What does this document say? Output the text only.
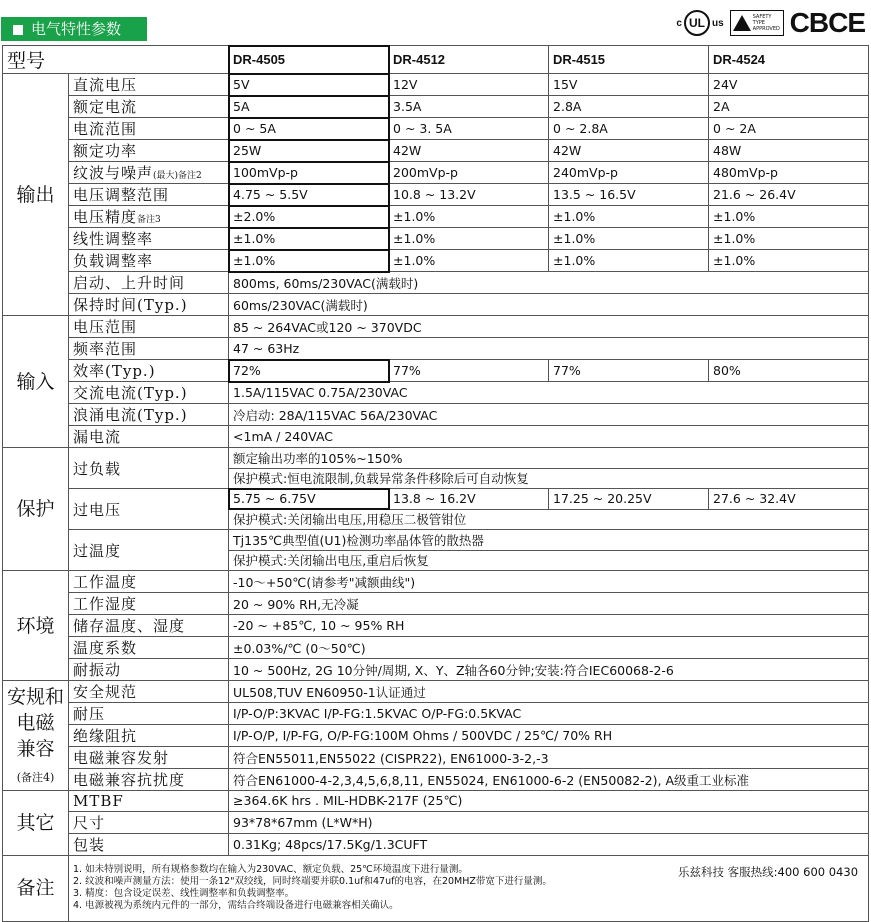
电气特性参数	c UL us
SAFETY TYPE APPROVED CBCE
型号		DR-4505	DR-4512	DR-4515	DR-4524
输出	直流电压	5V	12V	15V	24V
	额定电流	5A	3.5A	2.8A	2A
	电流范围	0 ~ 5A	0 ~ 3. 5A	0 ~ 2.8A	0 ~ 2A
	额定功率	25W	42W	42W	48W
	纹波与噪声(最大)备注2	100mVp-p	200mVp-p	240mVp-p	480mVp-p
	电压调整范围	4.75 ~ 5.5V	10.8 ~ 13.2V	13.5 ~ 16.5V	21.6 ~ 26.4V
	电压精度备注3	±2.0%	±1.0%	±1.0%	±1.0%
	线性调整率	±1.0%	±1.0%	±1.0%	±1.0%
	负载调整率	±1.0%	±1.0%	±1.0%	±1.0%
	启动、上升时间	800ms, 60ms/230VAC(满载时)			
	保持时间(Typ.)	60ms/230VAC(满载时)			
输入	电压范围	85 ~ 264VAC或120 ~ 370VDC			
	频率范围	47 ~ 63Hz			
	效率(Typ.)	72%	77%	77%	80%
	交流电流(Typ.)	1.5A/115VAC 0.75A/230VAC			
	浪涌电流(Typ.)	冷启动: 28A/115VAC 56A/230VAC			
	漏电流	<1mA / 240VAC			
保护	过负载	额定输出功率的105%~150%			
		保护模式:恒电流限制,负载异常条件移除后可自动恢复			
	过电压	5.75 ~ 6.75V	13.8 ~ 16.2V	17.25 ~ 20.25V	27.6 ~ 32.4V
		保护模式:关闭输出电压,用稳压二极管钳位			
	过温度	Tj135℃典型值(U1)检测功率晶体管的散热器			
		保护模式:关闭输出电压,重启后恢复			
环境	工作温度	-10～+50℃(请参考"减额曲线")			
	工作湿度	20 ~ 90% RH,无冷凝			
	储存温度、湿度	-20 ~ +85℃, 10 ~ 95% RH			
	温度系数	±0.03%/℃ (0～50℃)			
	耐振动	10 ~ 500Hz, 2G 10分钟/周期, X、Y、Z轴各60分钟;安装:符合IEC60068-2-6			
安规和
电磁
兼容
(备注4)	安全规范	UL508,TUV EN60950-1认证通过			
	耐压	I/P-O/P:3KVAC I/P-FG:1.5KVAC O/P-FG:0.5KVAC			
	绝缘阻抗	I/P-O/P, I/P-FG, O/P-FG:100M Ohms / 500VDC / 25℃/ 70% RH			
	电磁兼容发射	符合EN55011,EN55022 (CISPR22), EN61000-3-2,-3			
	电磁兼容抗扰度	符合EN61000-4-2,3,4,5,6,8,11, EN55024, EN61000-6-2 (EN50082-2), A级重工业标准			
其它	MTBF	≥364.6K hrs . MIL-HDBK-217F (25℃)			
	尺寸	93*78*67mm (L*W*H)			
	包装	0.31Kg; 48pcs/17.5Kg/1.3CUFT			
备注	乐兹科技 客服热线:400 600 0430
1. 如未特别说明，所有规格参数均在输入为230VAC、额定负载、25℃环境温度下进行量测。
2. 纹波和噪声测量方法：使用一条12"双绞线，同时终端要并联0.1uf和47uf的电容，在20MHZ带宽下进行量测。
3. 精度：包含设定误差、线性调整率和负载调整率。
4. 电源被视为系统内元件的一部分，需结合终端设备进行电磁兼容相关确认。				
